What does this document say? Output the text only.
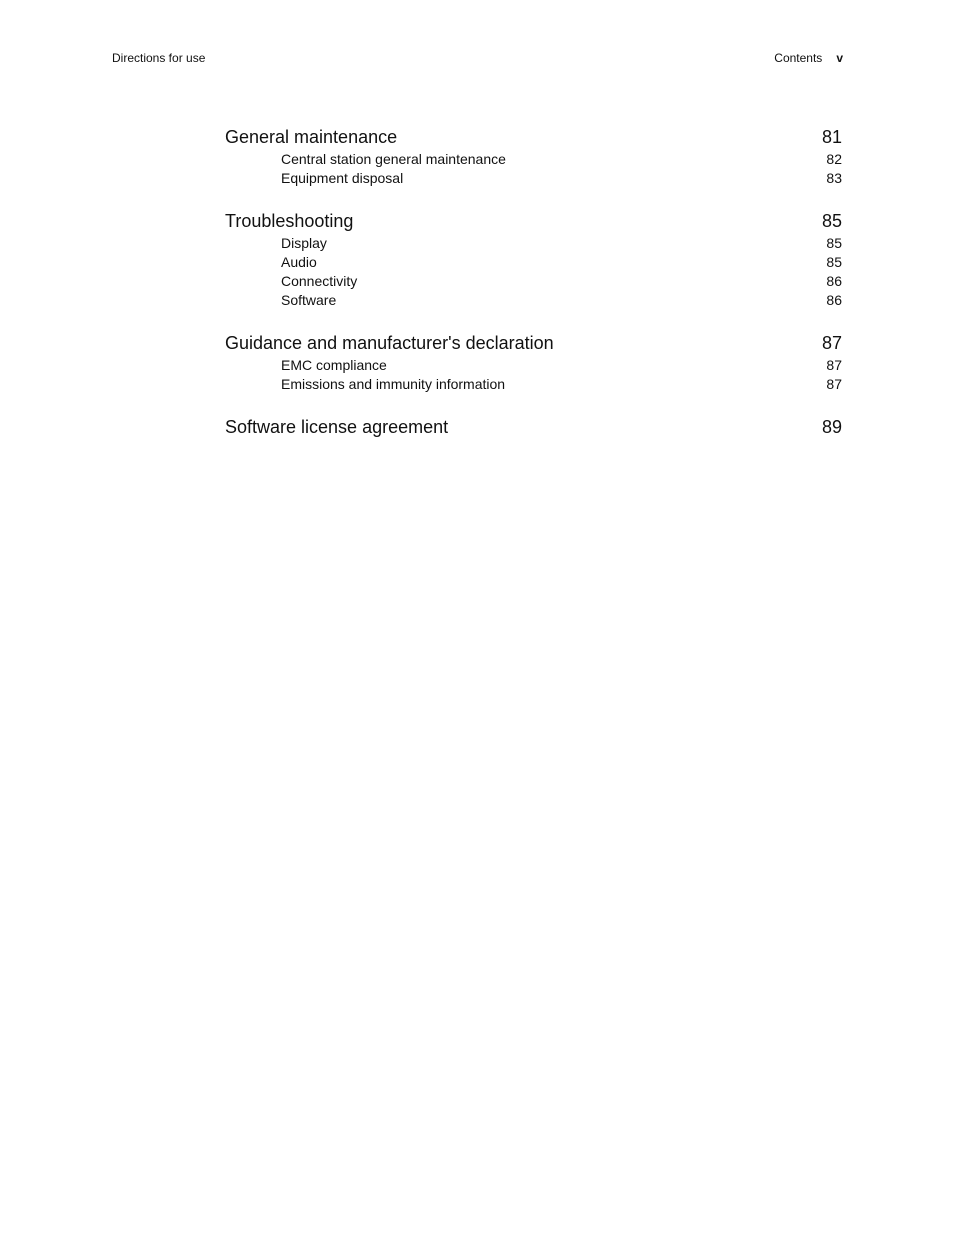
Directions for use	Contents v
General maintenance	81
Central station general maintenance	82
Equipment disposal	83
Troubleshooting	85
Display	85
Audio	85
Connectivity	86
Software	86
Guidance and manufacturer's declaration	87
EMC compliance	87
Emissions and immunity information	87
Software license agreement	89
